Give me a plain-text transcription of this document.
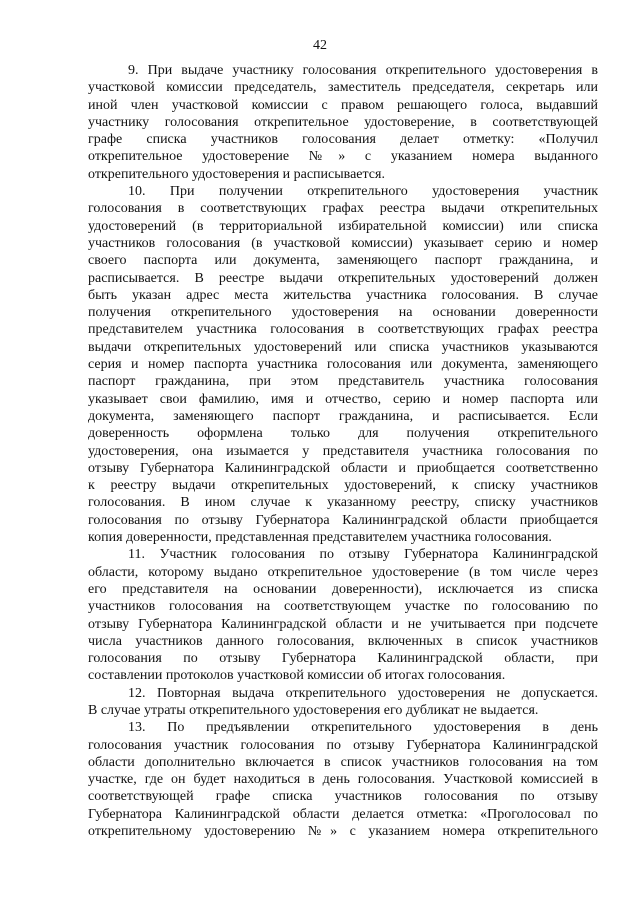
42
9. При выдаче участнику голосования открепительного удостоверения в
участковой комиссии председатель, заместитель председателя, секретарь или
иной член участковой комиссии с правом решающего голоса, выдавший
участнику голосования открепительное удостоверение, в соответствующей
графе списка участников голосования делает отметку: «Получил
открепительное удостоверение №» с указанием номера выданного
открепительного удостоверения и расписывается.
10. При получении открепительного удостоверения участник
голосования в соответствующих графах реестра выдачи открепительных
удостоверений (в территориальной избирательной комиссии) или списка
участников голосования (в участковой комиссии) указывает серию и номер
своего паспорта или документа, заменяющего паспорт гражданина, и
расписывается. В реестре выдачи открепительных удостоверений должен
быть указан адрес места жительства участника голосования. В случае
получения открепительного удостоверения на основании доверенности
представителем участника голосования в соответствующих графах реестра
выдачи открепительных удостоверений или списка участников указываются
серия и номер паспорта участника голосования или документа, заменяющего
паспорт гражданина, при этом представитель участника голосования
указывает свои фамилию, имя и отчество, серию и номер паспорта или
документа, заменяющего паспорт гражданина, и расписывается. Если
доверенность оформлена только для получения открепительного
удостоверения, она изымается у представителя участника голосования по
отзыву Губернатора Калининградской области и приобщается соответственно
к реестру выдачи открепительных удостоверений, к списку участников
голосования. В ином случае к указанному реестру, списку участников
голосования по отзыву Губернатора Калининградской области приобщается
копия доверенности, представленная представителем участника голосования.
11. Участник голосования по отзыву Губернатора Калининградской
области, которому выдано открепительное удостоверение (в том числе через
его представителя на основании доверенности), исключается из списка
участников голосования на соответствующем участке по голосованию по
отзыву Губернатора Калининградской области и не учитывается при подсчете
числа участников данного голосования, включенных в список участников
голосования по отзыву Губернатора Калининградской области, при
составлении протоколов участковой комиссии об итогах голосования.
12. Повторная выдача открепительного удостоверения не допускается.
В случае утраты открепительного удостоверения его дубликат не выдается.
13. По предъявлении открепительного удостоверения в день
голосования участник голосования по отзыву Губернатора Калининградской
области дополнительно включается в список участников голосования на том
участке, где он будет находиться в день голосования. Участковой комиссией в
соответствующей графе списка участников голосования по отзыву
Губернатора Калининградской области делается отметка: «Проголосовал по
открепительному удостоверению №» с указанием номера открепительного
